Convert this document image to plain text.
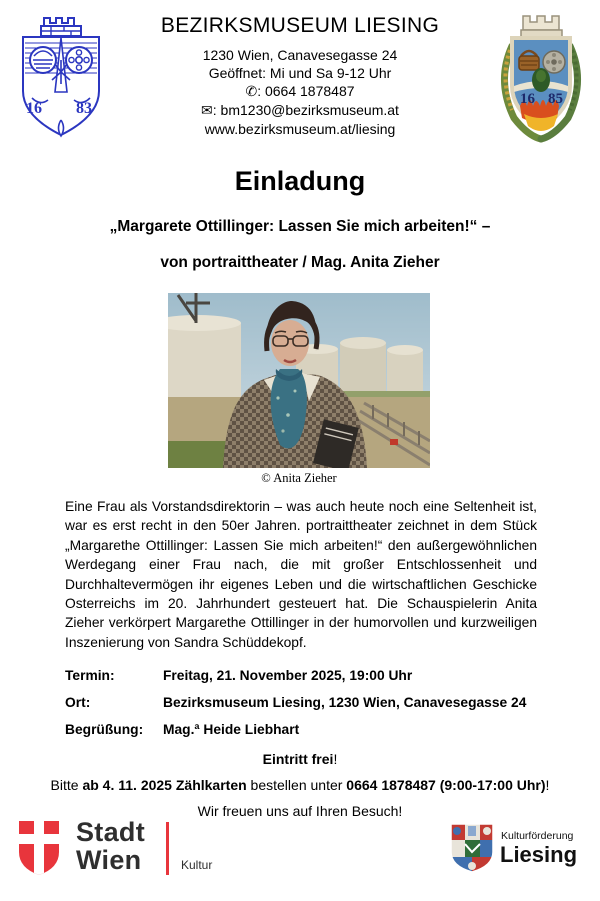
16 83
16 85
BEZIRKSMUSEUM LIESING
1230 Wien, Canavesegasse 24
Geöffnet: Mi und Sa 9-12 Uhr
✆: 0664 1878487
✉: bm1230@bezirksmuseum.at
www.bezirksmuseum.at/liesing
Einladung
„Margarete Ottillinger: Lassen Sie mich arbeiten!“ –
von portraittheater / Mag. Anita Zieher
© Anita Zieher
Eine Frau als Vorstandsdirektorin – was auch heute noch eine Seltenheit ist, war es erst recht in den 50er Jahren. portraittheater zeichnet in dem Stück „Margarethe Ottillinger: Lassen Sie mich arbeiten!“ den außergewöhnlichen Werdegang einer Frau nach, die mit großer Entschlossenheit und Durchhaltevermögen ihr eigenes Leben und die wirtschaftlichen Geschicke Osterreichs im 20. Jahrhundert gesteuert hat. Die Schauspielerin Anita Zieher verkörpert Margarethe Ottillinger in der humorvollen und kurzweiligen Inszenierung von Sandra Schüddekopf.
Termin:	Freitag, 21. November 2025, 19:00 Uhr
Ort:	Bezirksmuseum Liesing, 1230 Wien, Canavesegasse 24
Begrüßung: Mag.ª Heide Liebhart
Eintritt frei!
Bitte ab 4. 11. 2025 Zählkarten bestellen unter 0664 1878487 (9:00-17:00 Uhr)!
Wir freuen uns auf Ihren Besuch!
Stadt
Wien	Kultur
Kulturförderung
Liesing
